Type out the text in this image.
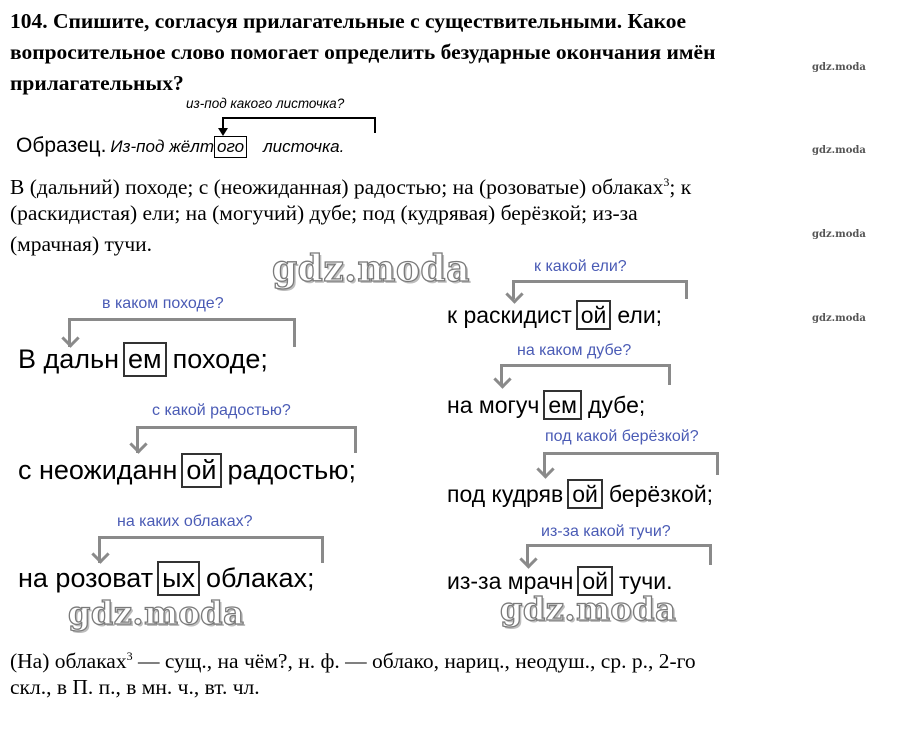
104. Спишите, согласуя прилагательные с существительными. Какое
вопросительное слово помогает определить безударные окончания имён
прилагательных?
gdz.moda
gdz.moda
gdz.moda
gdz.moda
из-под какого листочка?
Образец. Из-под жёлт ого листочка.
В (дальний) походе; с (неожиданная) радостью; на (розоватые) облаках$^3$; к
(раскидистая) ели; на (могучий) дубе; под (кудрявая) берёзкой; из-за
(мрачная) тучи.
gdz.moda
в каком походе?
В дальн ем походе;
с какой радостью?
с неожиданн ой радостью;
на каких облаках?
на розоват ых облаках;
к какой ели?
к раскидист ой ели;
на каком дубе?
на могуч ем дубе;
под какой берёзкой?
под кудряв ой берёзкой;
из-за какой тучи?
из-за мрачн ой тучи.
gdz.moda	gdz.moda
(На) облаках$^3$ — сущ., на чём?, н. ф. — облако, нариц., неодуш., ср. р., 2-го
скл., в П. п., в мн. ч., вт. чл.
